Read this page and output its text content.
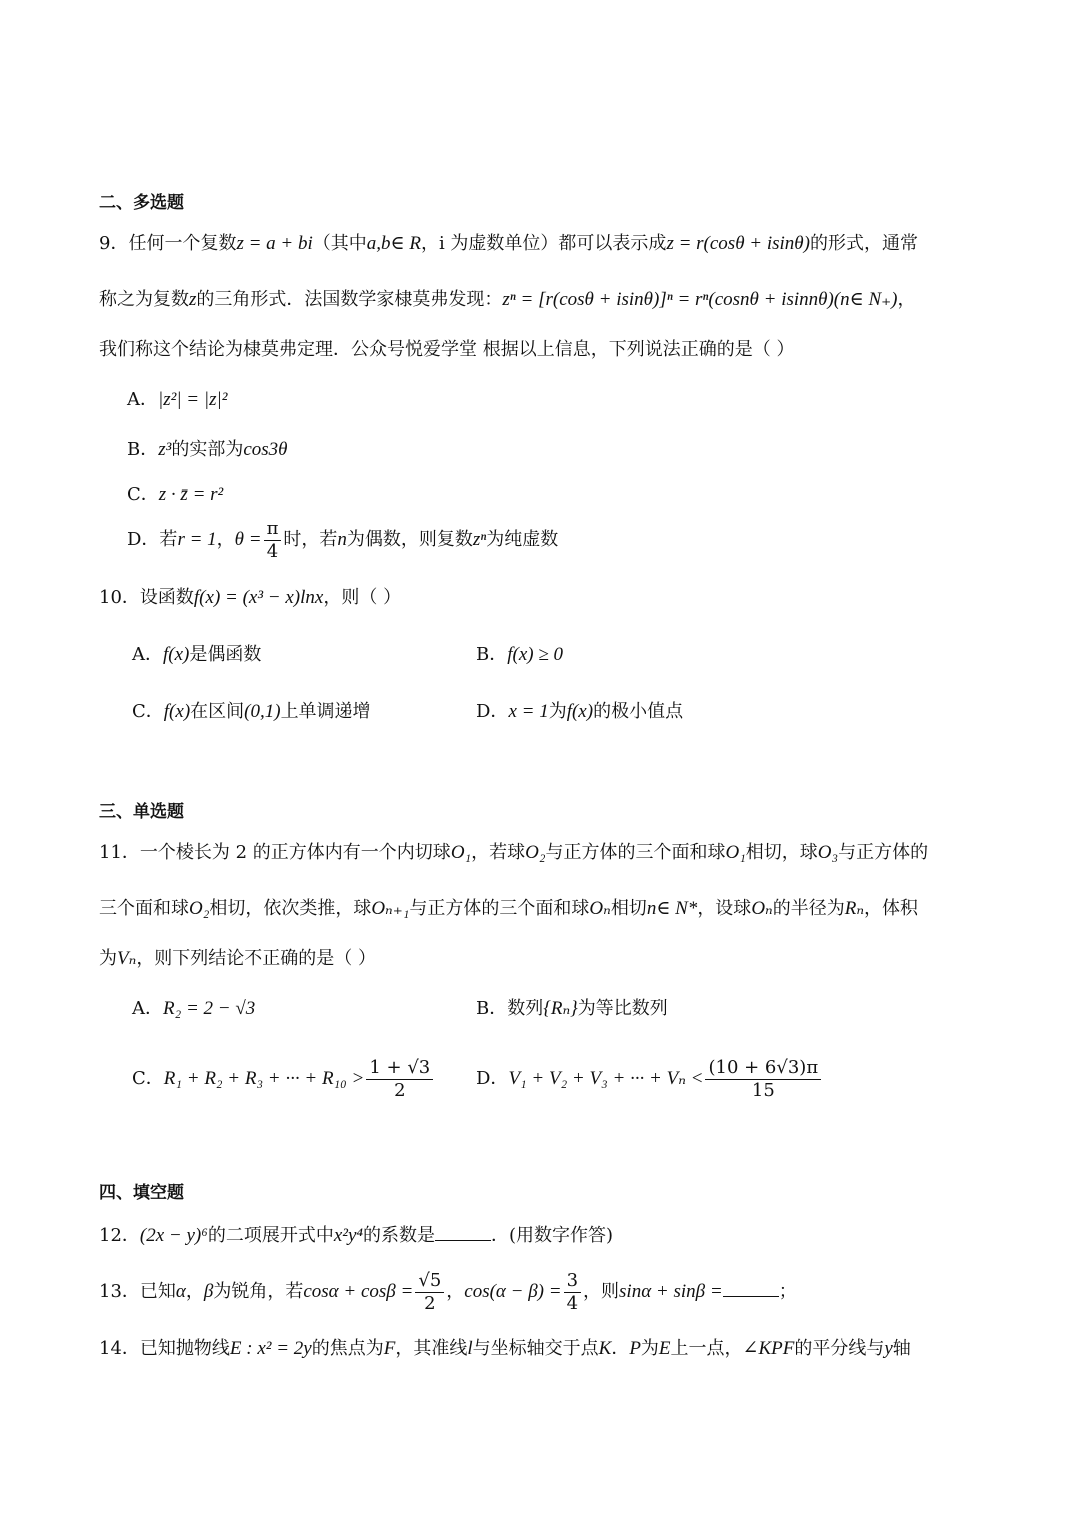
二、多选题
9．任何一个复数z = a + bi（其中a,b∈ R，i 为虚数单位）都可以表示成z = r(cosθ + isinθ)的形式，通常
称之为复数z的三角形式．法国数学家棣莫弗发现：zⁿ = [r(cosθ + isinθ)]ⁿ = rⁿ(cosnθ + isinnθ)(n∈ N₊)，
我们称这个结论为棣莫弗定理．公众号悦爱学堂 根据以上信息，下列说法正确的是（ ）
A．|z²| = |z|²
B．z³的实部为cos3θ
C．z · z̄ = r²
D．若r = 1，$\theta = \frac{\pi}{4}$ 时，若n为偶数，则复数zⁿ为纯虚数
10．设函数f(x) = (x³ − x)lnx，则（ ）
A．f(x)是偶函数	B．f(x) ≥ 0
C．f(x)在区间(0,1)上单调递增	D．x = 1为f(x)的极小值点
三、单选题
11．一个棱长为 2 的正方体内有一个内切球O₁，若球O₂与正方体的三个面和球O₁相切，球O₃与正方体的
三个面和球O₂相切，依次类推，球Oₙ₊₁与正方体的三个面和球Oₙ相切n∈ N*，设球Oₙ的半径为Rₙ，体积
为Vₙ，则下列结论不正确的是（ ）
A．R₂ = 2 − √3	B．数列{Rₙ}为等比数列
C．R₁ + R₂ + R₃ + ··· + $R_{10} > \frac{1 + √3}{2}$ D．V₁ + V₂ + V₃ + ··· + $V_n < \frac{(10 + 6√3)\pi}{15}$
四、填空题
12．(2x − y)⁶的二项展开式中x²y⁴的系数是	．(用数字作答)
13．已知α，β为锐角，若$\cos\alpha + \cos\beta = \frac{√5}{2}$ ，$\cos(\alpha - \beta) = \frac{3}{4}$ ，则sinα + sinβ =	；
14．已知抛物线E : x² = 2y的焦点为F，其准线l与坐标轴交于点K．P为E上一点，∠KPF的平分线与y轴
